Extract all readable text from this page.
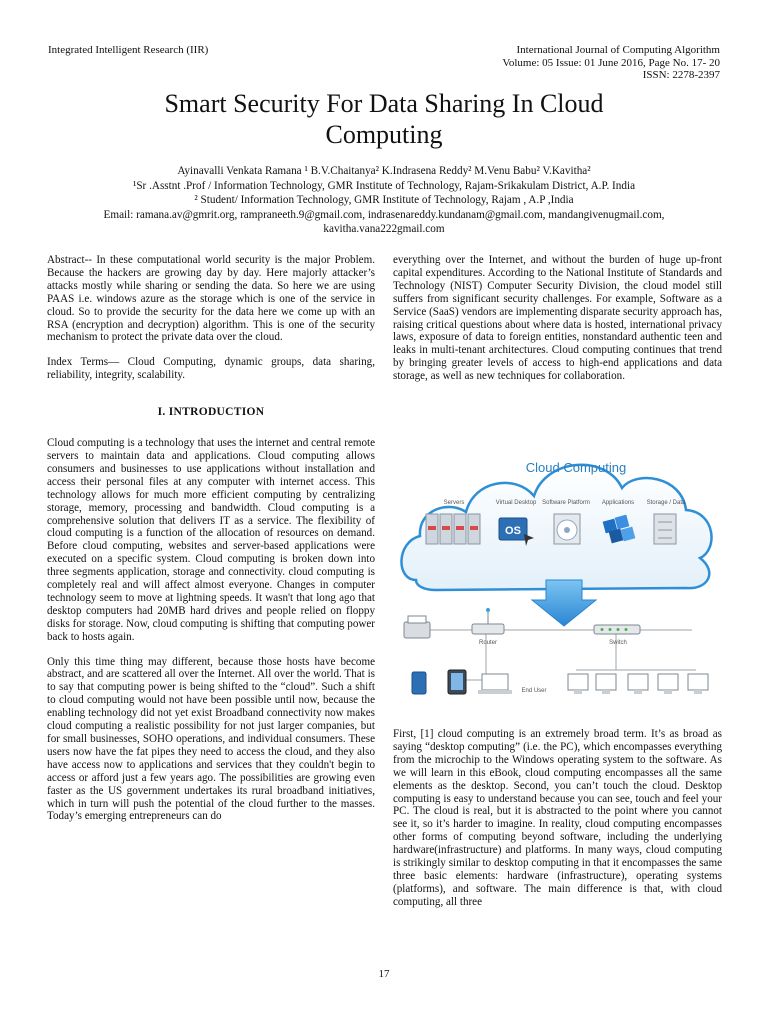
Integrated Intelligent Research (IIR)	International Journal of Computing Algorithm
Volume: 05 Issue: 01 June 2016, Page No. 17- 20
ISSN: 2278-2397
Smart Security For Data Sharing In Cloud
Computing
Ayinavalli Venkata Ramana ¹ B.V.Chaitanya² K.Indrasena Reddy² M.Venu Babu² V.Kavitha²
¹Sr .Asstnt .Prof / Information Technology, GMR Institute of Technology, Rajam-Srikakulam District, A.P. India
² Student/ Information Technology, GMR Institute of Technology, Rajam , A.P ,India
Email: ramana.av@gmrit.org, rampraneeth.9@gmail.com, indrasenareddy.kundanam@gmail.com, mandangivenugmail.com,
kavitha.vana222gmail.com

Abstract-- In these computational world security is the major Problem. Because the hackers are growing day by day. Here majorly attacker’s attacks mostly while sharing or sending the data. So here we are using PAAS i.e. windows azure as the storage which is one of the service in cloud. So to provide the security for the data here we come up with an RSA (encryption and decryption) algorithm. This is one of the security mechanism to protect the private data over the cloud.

Index Terms— Cloud Computing, dynamic groups, data sharing, reliability, integrity, scalability.

I. INTRODUCTION

Cloud computing is a technology that uses the internet and central remote servers to maintain data and applications. Cloud computing allows consumers and businesses to use applications without installation and access their personal files at any computer with internet access. This technology allows for much more efficient computing by centralizing storage, memory, processing and bandwidth. Cloud computing is a comprehensive solution that delivers IT as a service. The flexibility of cloud computing is a function of the allocation of resources on demand. Before cloud computing, websites and server-based applications were executed on a specific system. Cloud computing is broken down into three segments application, storage and connectivity. cloud computing is completely real and will affect almost everyone. Changes in computer technology seem to move at lightning speeds. It wasn't that long ago that desktop computers had 20MB hard drives and people relied on floppy disks for storage. Now, cloud computing is shifting that computing power back to hosts again.

Only this time thing may different, because those hosts have become abstract, and are scattered all over the Internet. All over the world. That is to say that computing power is being shifted to the “cloud”. Such a shift to cloud computing would not have been possible until now, because the enabling technology did not yet exist Broadband connectivity now makes cloud computing a realistic possibility for not just larger companies, but for small businesses, SOHO operations, and individual consumers. These users now have the fat pipes they need to access the cloud, and they also have access now to applications and services that they couldn't begin to access or afford just a few years ago. The possibilities are growing even faster as the US government undertakes its rural broadband initiatives, which in turn will push the potential of the cloud further to the masses. Today’s emerging entrepreneurs can do

everything over the Internet, and without the burden of huge up-front capital expenditures. According to the National Institute of Standards and Technology (NIST) Computer Security Division, the cloud model still suffers from significant security challenges. For example, Software as a Service (SaaS) vendors are implementing disparate security approach has, raising critical questions about where data is hosted, international privacy laws, exposure of data to foreign entities, nonstandard authentic teen and leaks in multi-tenant architectures. Cloud computing continues that trend by bringing greater levels of access to high-end applications and data storage, as well as new techniques for collaboration.

Cloud Computing
Servers	Virtual Desktop Software Platform Applications Storage / Data
OS
Router	Switch
End User

First, [1] cloud computing is an extremely broad term. It’s as broad as saying “desktop computing” (i.e. the PC), which encompasses everything from the microchip to the Windows operating system to the software. As we will learn in this eBook, cloud computing encompasses all the same elements as the desktop. Second, you can’t touch the cloud. Desktop computing is easy to understand because you can see, touch and feel your PC. The cloud is real, but it is abstracted to the point where you cannot see it, so it’s harder to imagine. In reality, cloud computing encompasses other forms of computing beyond software, including the underlying hardware(infrastructure) and platforms. In many ways, cloud computing is strikingly similar to desktop computing in that it encompasses the same three basic elements: hardware (infrastructure), operating systems (platforms), and software. The main difference is that, with cloud computing, all three

17
